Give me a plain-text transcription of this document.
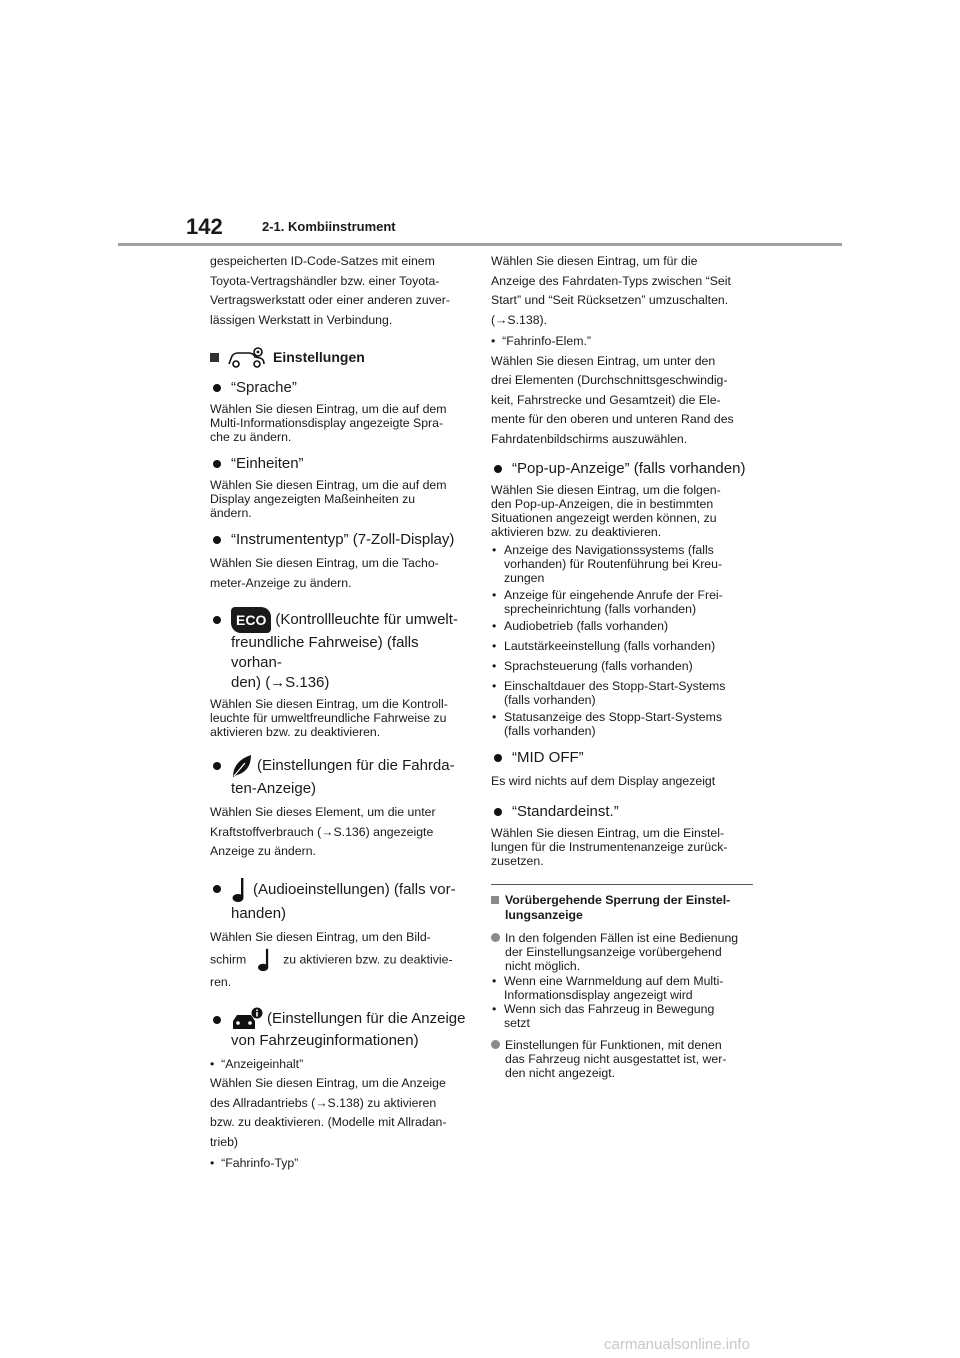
142	2-1. Kombiinstrument

gespeicherten ID-Code-Satzes mit einem
Toyota-Vertragshändler bzw. einer Toyota-
Vertragswerkstatt oder einer anderen zuver-
lässigen Werkstatt in Verbindung.

Einstellungen
“Sprache”

Wählen Sie diesen Eintrag, um die auf dem
Multi-Informationsdisplay angezeigte Spra-
che zu ändern.

“Einheiten”

Wählen Sie diesen Eintrag, um die auf dem
Display angezeigten Maßeinheiten zu
ändern.

“Instrumententyp” (7-Zoll-Display)

Wählen Sie diesen Eintrag, um die Tacho-
meter-Anzeige zu ändern.

ECO (Kontrollleuchte für umwelt-
freundliche Fahrweise) (falls vorhan-
den) (→S.136)

Wählen Sie diesen Eintrag, um die Kontroll-
leuchte für umweltfreundliche Fahrweise zu
aktivieren bzw. zu deaktivieren.

(Einstellungen für die Fahrda-
ten-Anzeige)

Wählen Sie dieses Element, um die unter
Kraftstoffverbrauch (→S.136) angezeigte
Anzeige zu ändern.

(Audioeinstellungen) (falls vor-
handen)

Wählen Sie diesen Eintrag, um den Bild-
schirm	zu aktivieren bzw. zu deaktivie-
ren.

(Einstellungen für die Anzeige
von Fahrzeuginformationen)

•  “Anzeigeinhalt”

Wählen Sie diesen Eintrag, um die Anzeige
des Allradantriebs (→S.138) zu aktivieren
bzw. zu deaktivieren. (Modelle mit Allradan-
trieb)

•  “Fahrinfo-Typ”

Wählen Sie diesen Eintrag, um für die
Anzeige des Fahrdaten-Typs zwischen “Seit
Start” und “Seit Rücksetzen” umzuschalten.
(→S.138).

•  “Fahrinfo-Elem.”

Wählen Sie diesen Eintrag, um unter den
drei Elementen (Durchschnittsgeschwindig-
keit, Fahrstrecke und Gesamtzeit) die Ele-
mente für den oberen und unteren Rand des
Fahrdatenbildschirms auszuwählen.

“Pop-up-Anzeige” (falls vorhanden)

Wählen Sie diesen Eintrag, um die folgen-
den Pop-up-Anzeigen, die in bestimmten
Situationen angezeigt werden können, zu
aktivieren bzw. zu deaktivieren.

• Anzeige des Navigationssystems (falls
vorhanden) für Routenführung bei Kreu-
zungen
• Anzeige für eingehende Anrufe der Frei-
sprecheinrichtung (falls vorhanden)
• Audiobetrieb (falls vorhanden)
• Lautstärkeeinstellung (falls vorhanden)
• Sprachsteuerung (falls vorhanden)
• Einschaltdauer des Stopp-Start-Systems
(falls vorhanden)
• Statusanzeige des Stopp-Start-Systems
(falls vorhanden)
“MID OFF”

Es wird nichts auf dem Display angezeigt

“Standardeinst.”

Wählen Sie diesen Eintrag, um die Einstel-
lungen für die Instrumentenanzeige zurück-
zusetzen.

Vorübergehende Sperrung der Einstel-
lungsanzeige
In den folgenden Fällen ist eine Bedienung
der Einstellungsanzeige vorübergehend
nicht möglich.
• Wenn eine Warnmeldung auf dem Multi-
Informationsdisplay angezeigt wird
• Wenn sich das Fahrzeug in Bewegung
setzt
Einstellungen für Funktionen, mit denen
das Fahrzeug nicht ausgestattet ist, wer-
den nicht angezeigt.
carmanualsonline.info
